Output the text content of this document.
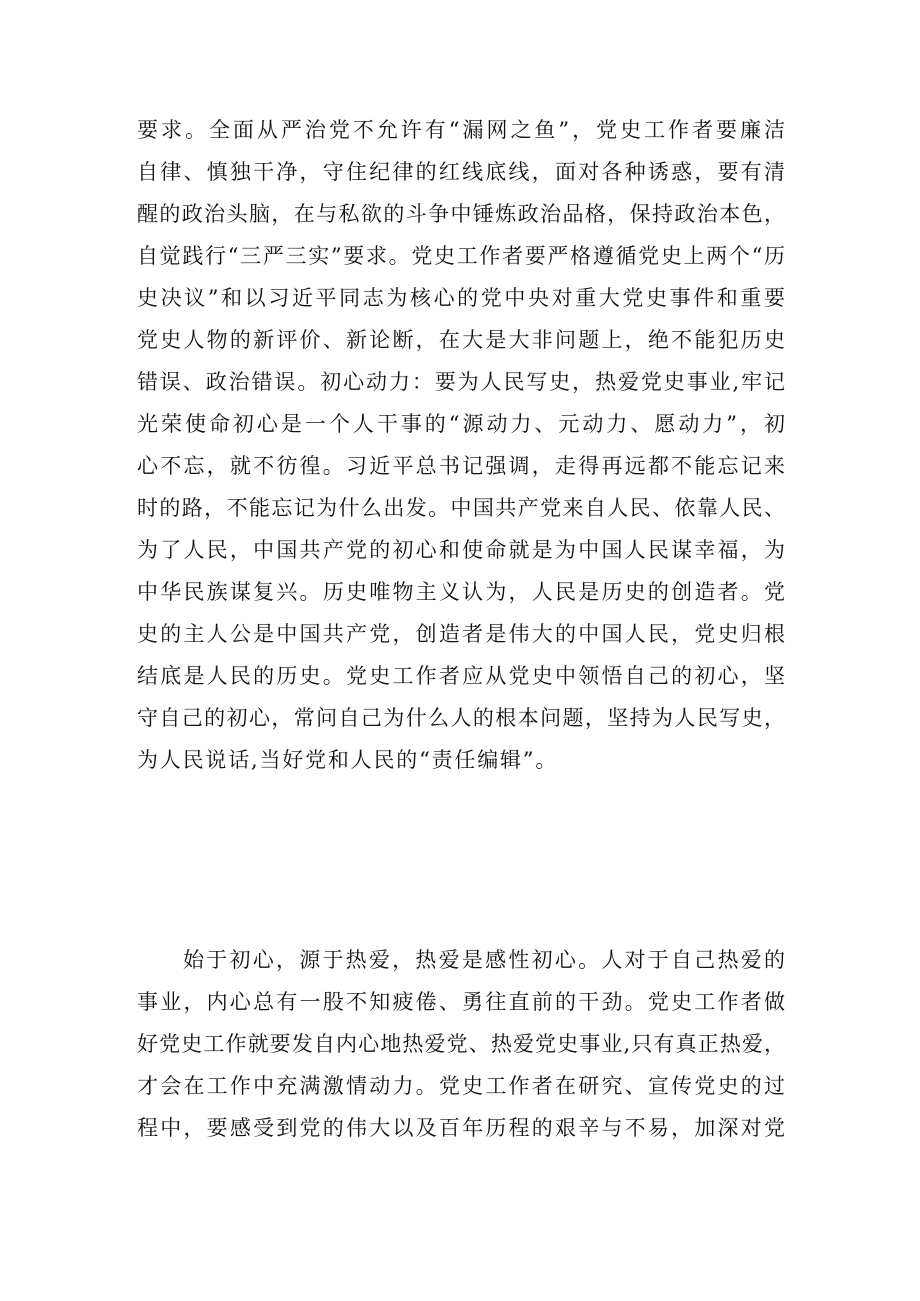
要求。全面从严治党不允许有“漏网之鱼”，党史工作者要廉洁
自律、慎独干净，守住纪律的红线底线，面对各种诱惑，要有清
醒的政治头脑，在与私欲的斗争中锤炼政治品格，保持政治本色，
自觉践行“三严三实”要求。党史工作者要严格遵循党史上两个“历
史决议”和以习近平同志为核心的党中央对重大党史事件和重要
党史人物的新评价、新论断，在大是大非问题上，绝不能犯历史
错误、政治错误。初心动力：要为人民写史，热爱党史事业,牢记
光荣使命初心是一个人干事的“源动力、元动力、愿动力”，初
心不忘，就不彷徨。习近平总书记强调，走得再远都不能忘记来
时的路，不能忘记为什么出发。中国共产党来自人民、依靠人民、
为了人民，中国共产党的初心和使命就是为中国人民谋幸福，为
中华民族谋复兴。历史唯物主义认为，人民是历史的创造者。党
史的主人公是中国共产党，创造者是伟大的中国人民，党史归根
结底是人民的历史。党史工作者应从党史中领悟自己的初心，坚
守自己的初心，常问自己为什么人的根本问题，坚持为人民写史，
为人民说话,当好党和人民的“责任编辑”。
始于初心，源于热爱，热爱是感性初心。人对于自己热爱的
事业，内心总有一股不知疲倦、勇往直前的干劲。党史工作者做
好党史工作就要发自内心地热爱党、热爱党史事业,只有真正热爱，
才会在工作中充满激情动力。党史工作者在研究、宣传党史的过
程中，要感受到党的伟大以及百年历程的艰辛与不易，加深对党
